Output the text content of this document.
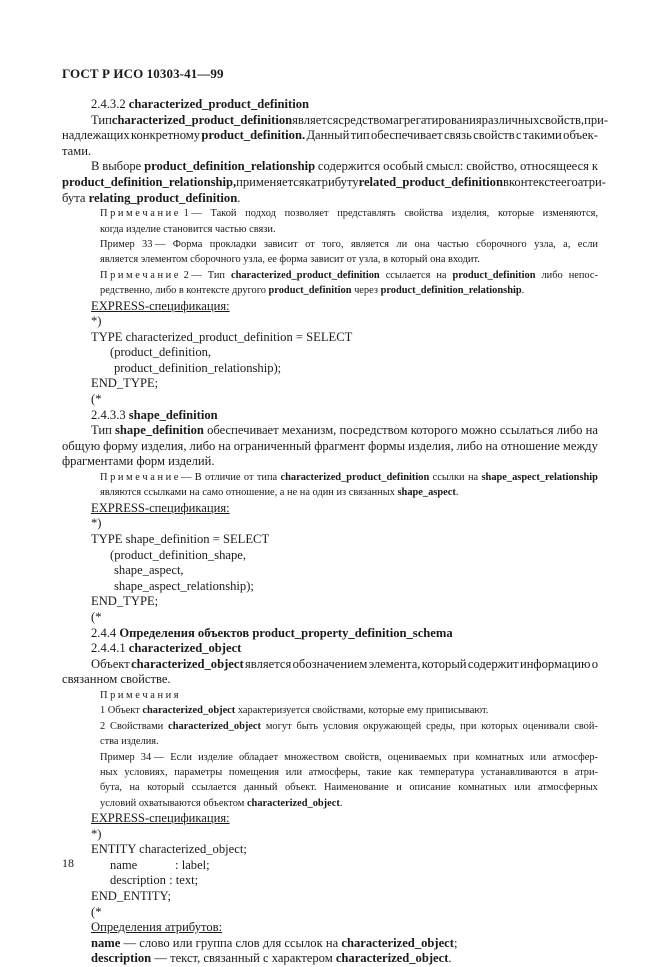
ГОСТ Р ИСО 10303-41—99
2.4.3.2 characterized_product_definition
Тип characterized_product_definition является средством агрегатирования различных свойств, при-
надлежащих конкретному product_definition. Данный тип обеспечивает связь свойств с такими объек-
тами.
В выборе product_definition_relationship содержится особый смысл: свойство, относящееся к
product_definition_relationship, применяется к атрибуту related_product_definition в контексте его атри-
бута relating_product_definition.
П р и м е ч а н и е  1 — Такой подход позволяет представлять свойства изделия, которые изменяются,
когда изделие становится частью связи.
Пример 33 — Форма прокладки зависит от того, является ли она частью сборочного узла, а, если
является элементом сборочного узла, ее форма зависит от узла, в который она входит.
П р и м е ч а н и е  2 — Тип characterized_product_definition ссылается на product_definition либо непос-
редственно, либо в контексте другого product_definition через product_definition_relationship.
EXPRESS-спецификация:
*)
TYPE characterized_product_definition = SELECT
(product_definition,
product_definition_relationship);
END_TYPE;
(*
2.4.3.3 shape_definition
Тип shape_definition обеспечивает механизм, посредством которого можно ссылаться либо на
общую форму изделия, либо на ограниченный фрагмент формы изделия, либо на отношение между
фрагментами форм изделий.
П р и м е ч а н и е — В отличие от типа characterized_product_definition ссылки на shape_aspect_relationship
являются ссылками на само отношение, а не на один из связанных shape_aspect.
EXPRESS-спецификация:
*)
TYPE shape_definition = SELECT
(product_definition_shape,
shape_aspect,
shape_aspect_relationship);
END_TYPE;
(*
2.4.4 Определения объектов product_property_definition_schema
2.4.4.1 characterized_object
Объект characterized_object является обозначением элемента, который содержит информацию о
связанном свойстве.
П р и м е ч а н и я
1 Объект characterized_object характеризуется свойствами, которые ему приписывают.
2 Свойствами characterized_object могут быть условия окружающей среды, при которых оценивали свой-
ства изделия.
Пример 34 — Если изделие обладает множеством свойств, оцениваемых при комнатных или атмосфер-
ных условиях, параметры помещения или атмосферы, такие как температура устанавливаются в атри-
бута, на который ссылается данный объект. Наименование и описание комнатных или атмосферных
условий охватываются объектом characterized_object.
EXPRESS-спецификация:
*)
ENTITY characterized_object;
name            : label;
description : text;
END_ENTITY;
(*
Определения атрибутов:
name — слово или группа слов для ссылок на characterized_object;
description — текст, связанный с характером characterized_object.
18
